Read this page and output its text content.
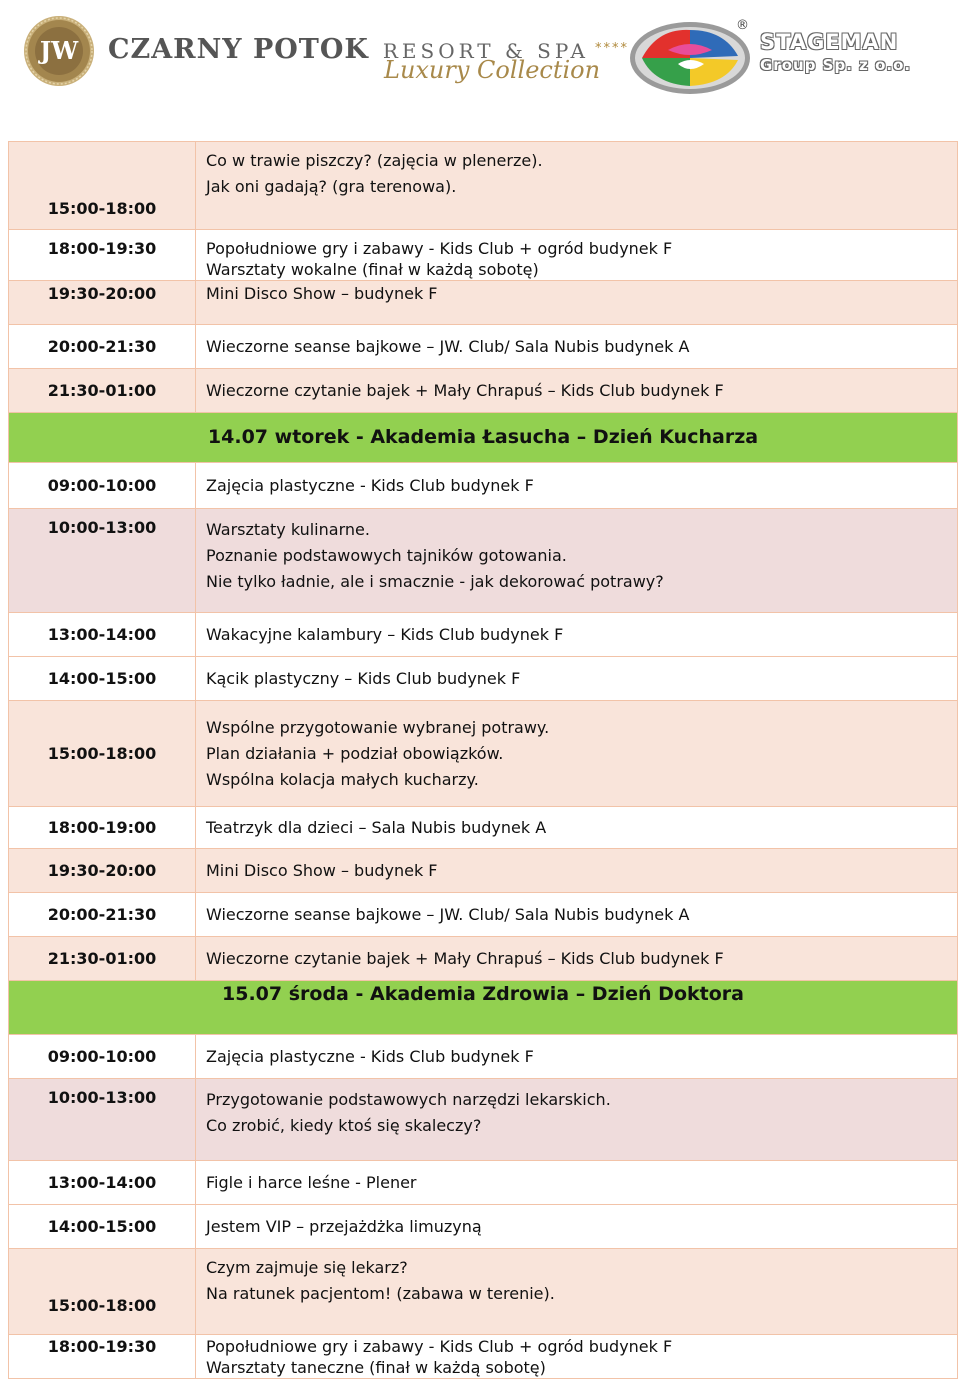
JW CZARNY POTOK RESORT & SPA ****
Luxury Collection
®
STAGEMAN
Group Sp. z o.o.
15:00-18:00	Co w trawie piszczy? (zajęcia w plenerze).
Jak oni gadają? (gra terenowa).

18:00-19:30	Popołudniowe gry i zabawy - Kids Club + ogród budynek F
Warsztaty wokalne (finał w każdą sobotę)

19:30-20:00	Mini Disco Show – budynek F

20:00-21:30	Wieczorne seanse bajkowe – JW. Club/ Sala Nubis budynek A

21:30-01:00	Wieczorne czytanie bajek + Mały Chrapuś – Kids Club budynek F

14.07 wtorek - Akademia Łasucha – Dzień Kucharza	
09:00-10:00	Zajęcia plastyczne - Kids Club budynek F

10:00-13:00	Warsztaty kulinarne.
Poznanie podstawowych tajników gotowania.
Nie tylko ładnie, ale i smacznie - jak dekorować potrawy?

13:00-14:00	Wakacyjne kalambury – Kids Club budynek F

14:00-15:00	Kącik plastyczny – Kids Club budynek F

15:00-18:00	Wspólne przygotowanie wybranej potrawy.
Plan działania + podział obowiązków.
Wspólna kolacja małych kucharzy.

18:00-19:00	Teatrzyk dla dzieci – Sala Nubis budynek A

19:30-20:00	Mini Disco Show – budynek F

20:00-21:30	Wieczorne seanse bajkowe – JW. Club/ Sala Nubis budynek A

21:30-01:00	Wieczorne czytanie bajek + Mały Chrapuś – Kids Club budynek F

15.07 środa - Akademia Zdrowia – Dzień Doktora	
09:00-10:00	Zajęcia plastyczne - Kids Club budynek F

10:00-13:00	Przygotowanie podstawowych narzędzi lekarskich.
Co zrobić, kiedy ktoś się skaleczy?

13:00-14:00	Figle i harce leśne - Plener

14:00-15:00	Jestem VIP – przejażdżka limuzyną

15:00-18:00	Czym zajmuje się lekarz?
Na ratunek pacjentom! (zabawa w terenie).

18:00-19:30	Popołudniowe gry i zabawy - Kids Club + ogród budynek F
Warsztaty taneczne (finał w każdą sobotę)
